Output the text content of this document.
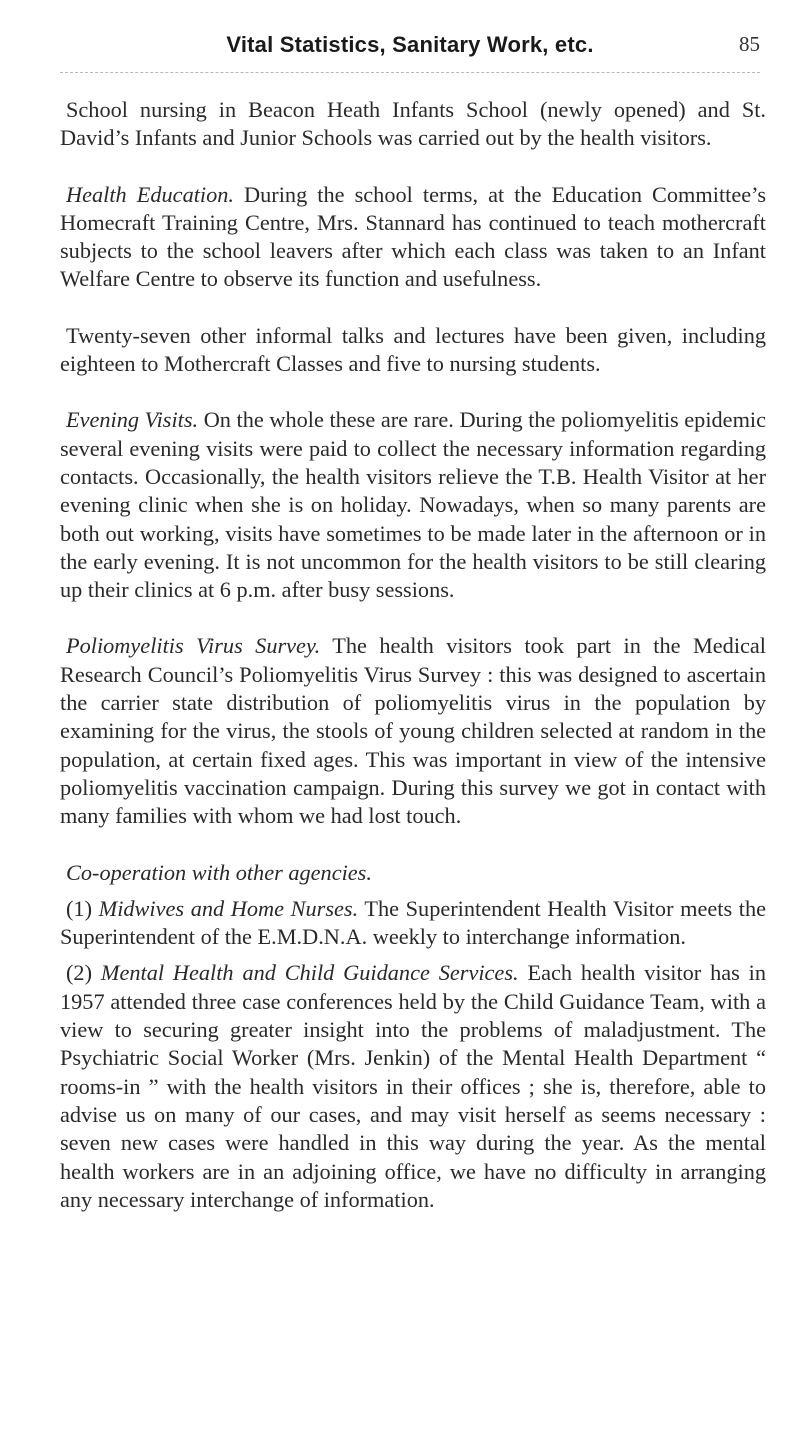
Vital Statistics, Sanitary Work, etc.	85

School nursing in Beacon Heath Infants School (newly opened) and St. David’s Infants and Junior Schools was carried out by the health visitors.

Health Education. During the school terms, at the Education Committee’s Homecraft Training Centre, Mrs. Stannard has continued to teach mothercraft subjects to the school leavers after which each class was taken to an Infant Welfare Centre to observe its function and usefulness.

Twenty-seven other informal talks and lectures have been given, including eighteen to Mothercraft Classes and five to nursing students.

Evening Visits. On the whole these are rare. During the poliomyelitis epidemic several evening visits were paid to collect the necessary information regarding contacts. Occasionally, the health visitors relieve the T.B. Health Visitor at her evening clinic when she is on holiday. Nowadays, when so many parents are both out working, visits have sometimes to be made later in the afternoon or in the early evening. It is not uncommon for the health visitors to be still clearing up their clinics at 6 p.m. after busy sessions.

Poliomyelitis Virus Survey. The health visitors took part in the Medical Research Council’s Poliomyelitis Virus Survey : this was designed to ascertain the carrier state distribution of poliomyelitis virus in the population by examining for the virus, the stools of young children selected at random in the population, at certain fixed ages. This was important in view of the intensive poliomyelitis vaccination campaign. During this survey we got in contact with many families with whom we had lost touch.

Co-operation with other agencies.

(1) Midwives and Home Nurses. The Superintendent Health Visitor meets the Superintendent of the E.M.D.N.A. weekly to interchange information.

(2) Mental Health and Child Guidance Services. Each health visitor has in 1957 attended three case conferences held by the Child Guidance Team, with a view to securing greater insight into the problems of maladjustment. The Psychiatric Social Worker (Mrs. Jenkin) of the Mental Health Department “ rooms-in ” with the health visitors in their offices ; she is, therefore, able to advise us on many of our cases, and may visit herself as seems necessary : seven new cases were handled in this way during the year. As the mental health workers are in an adjoining office, we have no difficulty in arranging any necessary interchange of information.
